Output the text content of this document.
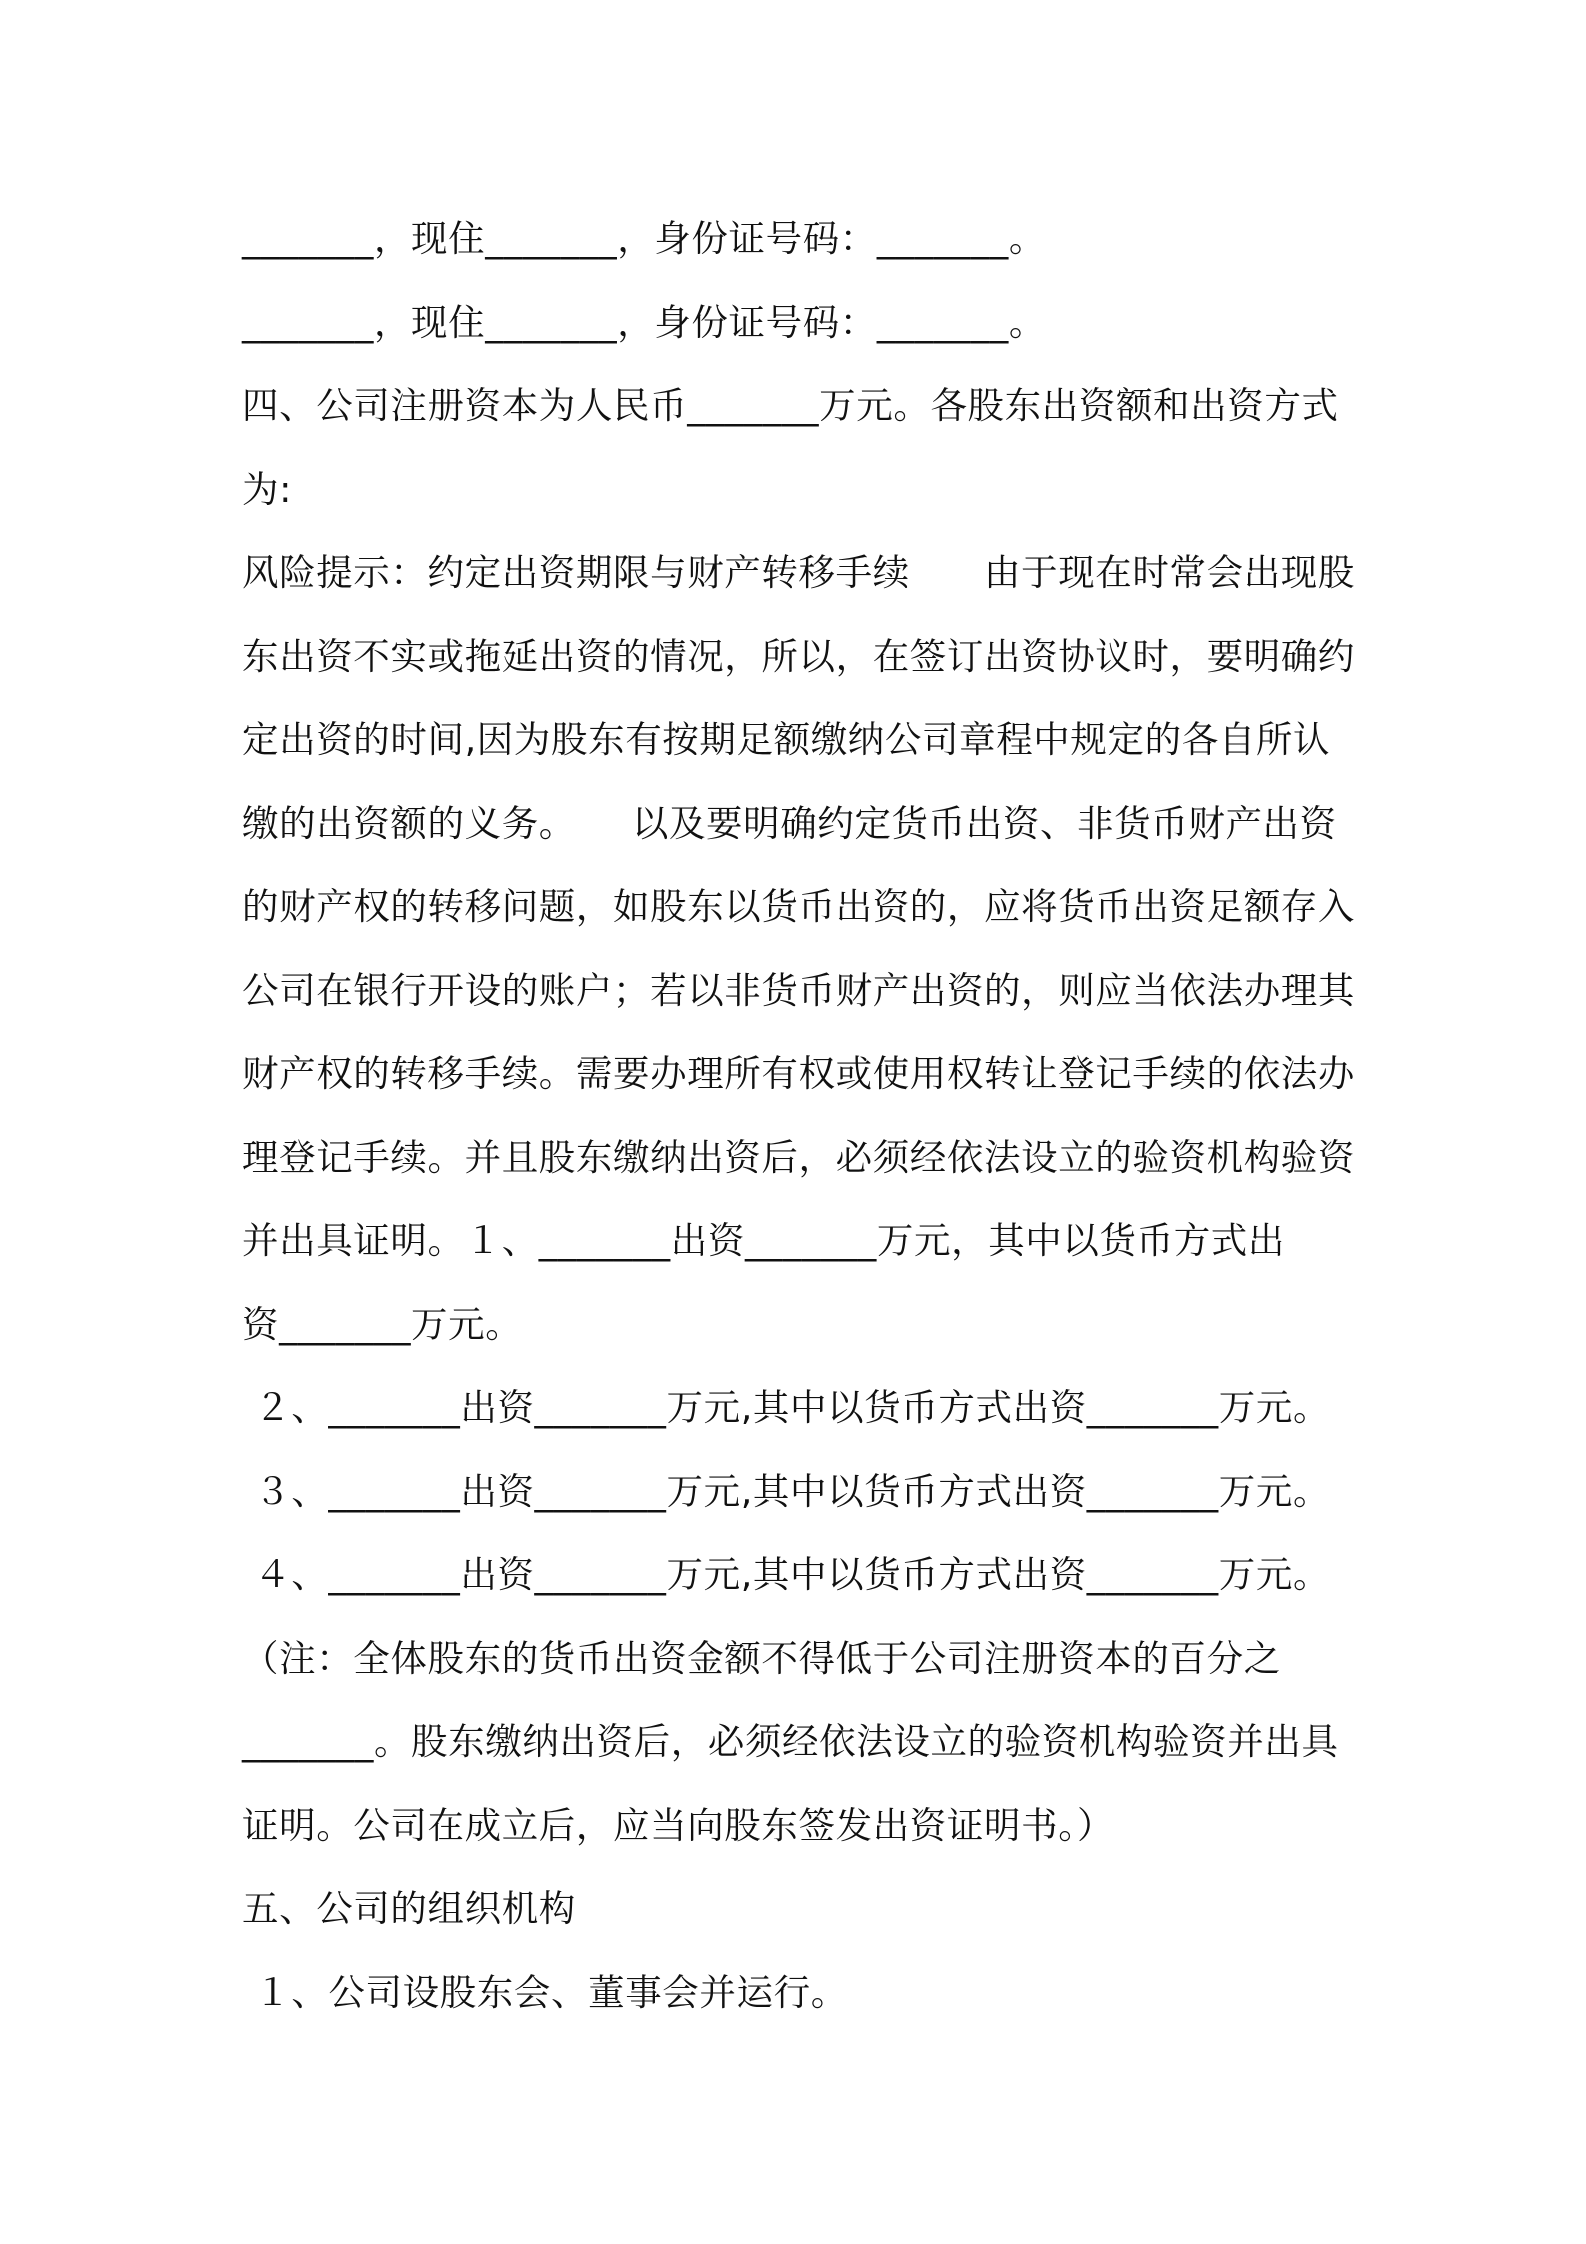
_______，现住_______，身份证号码：_______。
_______，现住_______，身份证号码：_______。
四、公司注册资本为人民币_______万元。各股东出资额和出资方式
为:
风险提示：约定出资期限与财产转移手续　　由于现在时常会出现股
东出资不实或拖延出资的情况，所以，在签订出资协议时，要明确约
定出资的时间,因为股东有按期足额缴纳公司章程中规定的各自所认
缴的出资额的义务。　　以及要明确约定货币出资、非货币财产出资
的财产权的转移问题，如股东以货币出资的，应将货币出资足额存入
公司在银行开设的账户；若以非货币财产出资的，则应当依法办理其
财产权的转移手续。需要办理所有权或使用权转让登记手续的依法办
理登记手续。并且股东缴纳出资后，必须经依法设立的验资机构验资
并出具证明。１、_______出资_______万元，其中以货币方式出
资_______万元。
２、_______出资_______万元,其中以货币方式出资_______万元。
３、_______出资_______万元,其中以货币方式出资_______万元。
４、_______出资_______万元,其中以货币方式出资_______万元。
（注：全体股东的货币出资金额不得低于公司注册资本的百分之
_______。股东缴纳出资后，必须经依法设立的验资机构验资并出具
证明。公司在成立后，应当向股东签发出资证明书。）
五、公司的组织机构
１、公司设股东会、董事会并运行。
